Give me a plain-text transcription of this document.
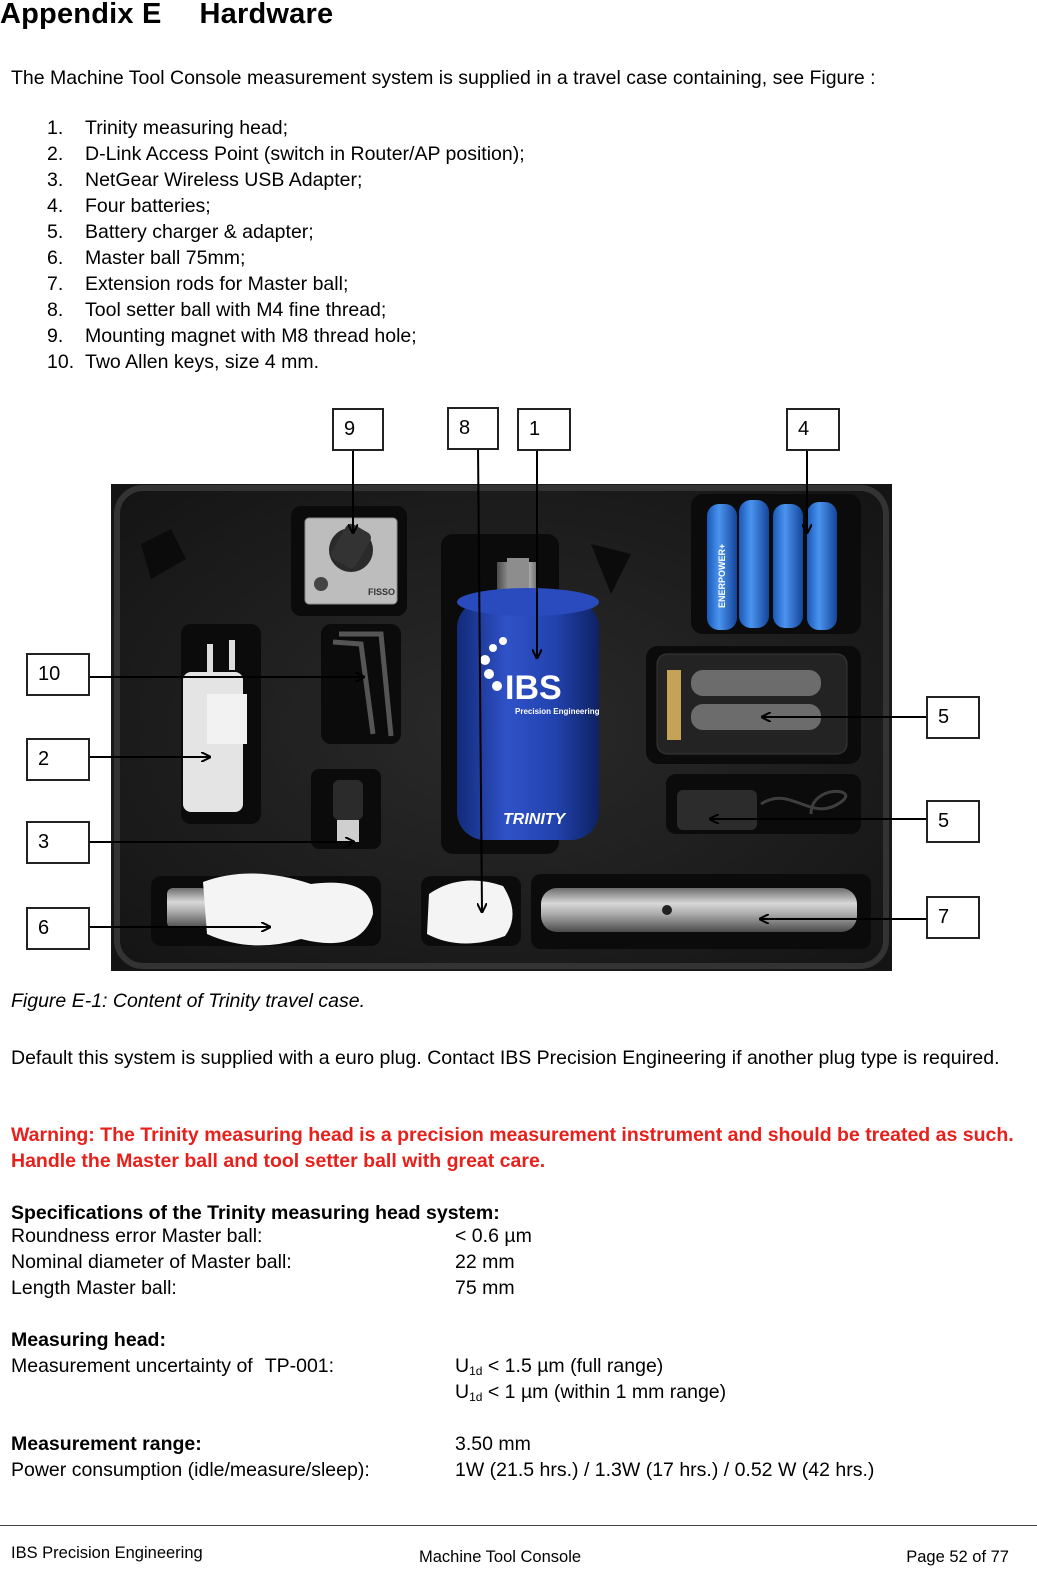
Appendix E Hardware
The Machine Tool Console measurement system is supplied in a travel case containing, see Figure :
1.	Trinity measuring head;
2.	D-Link Access Point (switch in Router/AP position);
3.	NetGear Wireless USB Adapter;
4.	Four batteries;
5.	Battery charger & adapter;
6.	Master ball 75mm;
7.	Extension rods for Master ball;
8.	Tool setter ball with M4 fine thread;
9.	Mounting magnet with M8 thread hole;
10. Two Allen keys, size 4 mm.
FISSO
IBS
Precision Engineering
TRINITY
ENERPOWER+
9	8	1	4
10
2
3
6
5
5
7
Figure E-1: Content of Trinity travel case.
Default this system is supplied with a euro plug. Contact IBS Precision Engineering if another plug type is required.
Warning: The Trinity measuring head is a precision measurement instrument and should be treated as such. Handle the Master ball and tool setter ball with great care.
Specifications of the Trinity measuring head system:
Roundness error Master ball:	< 0.6 µm
Nominal diameter of Master ball:	22 mm
Length Master ball:	75 mm
Measuring head:
Measurement uncertainty of TP-001:	$U_{1d} < 1.5$ µm (full range)
$U_{1d} < 1$ µm (within 1 mm range)
Measurement range:	3.50 mm
Power consumption (idle/measure/sleep):	1W (21.5 hrs.) / 1.3W (17 hrs.) / 0.52 W (42 hrs.)
IBS Precision Engineering	Machine Tool Console	Page 52 of 77
